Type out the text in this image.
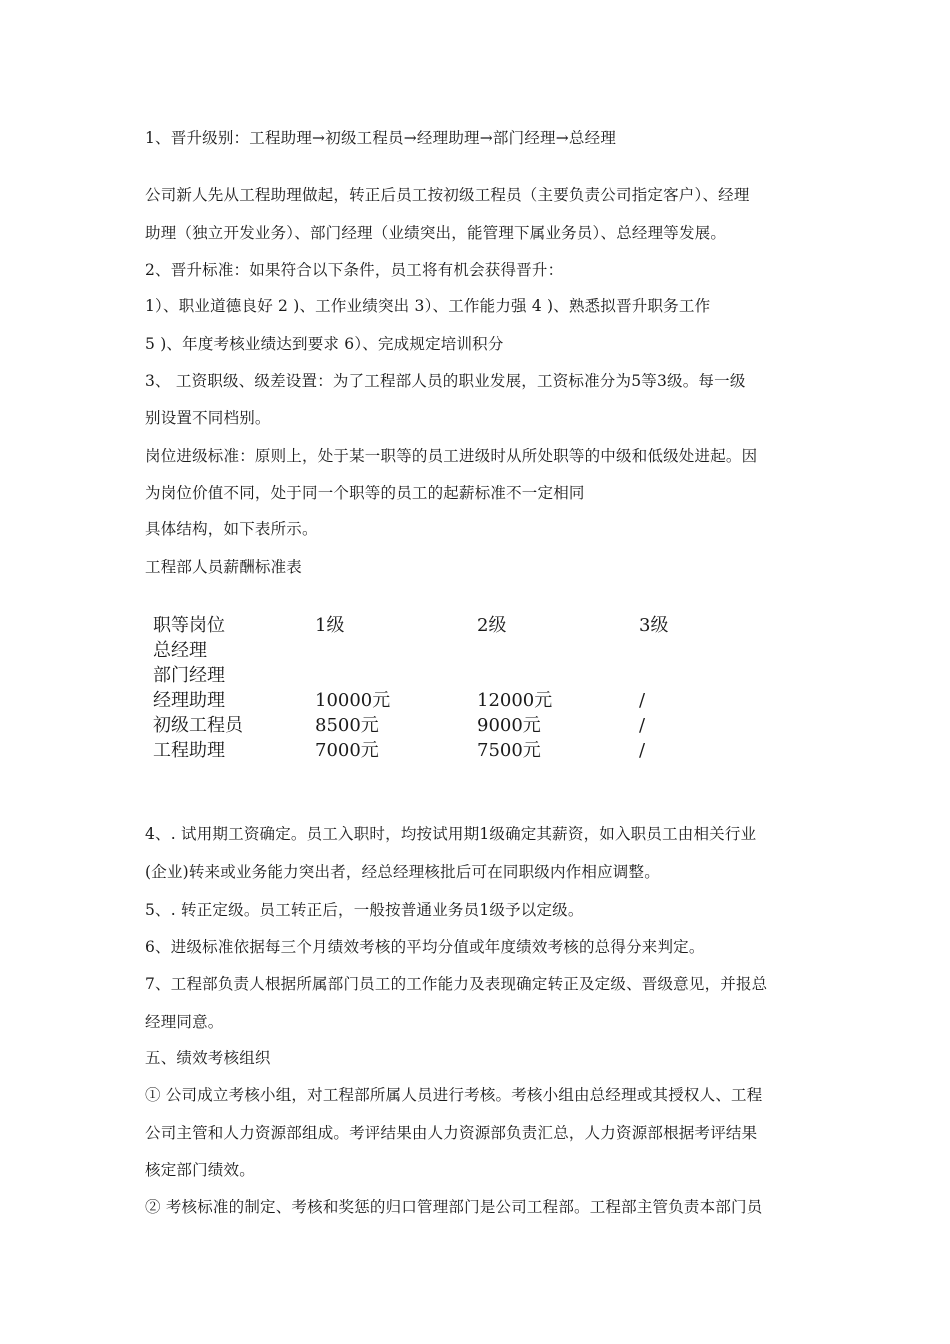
1、晋升级别：工程助理→初级工程员→经理助理→部门经理→总经理

公司新人先从工程助理做起，转正后员工按初级工程员（主要负责公司指定客户）、经理

助理（独立开发业务）、部门经理（业绩突出，能管理下属业务员）、总经理等发展。

2、晋升标准：如果符合以下条件，员工将有机会获得晋升：

1）、职业道德良好 2 )、工作业绩突出 3）、工作能力强 4 )、熟悉拟晋升职务工作

5 )、年度考核业绩达到要求 6）、完成规定培训积分

3、 工资职级、级差设置：为了工程部人员的职业发展，工资标准分为5等3级。每一级

别设置不同档别。

岗位进级标准：原则上，处于某一职等的员工进级时从所处职等的中级和低级处进起。因

为岗位价值不同，处于同一个职等的员工的起薪标准不一定相同

具体结构，如下表所示。

工程部人员薪酬标准表

职等岗位	1级	2级	3级
总经理
部门经理
经理助理	10000元	12000元	/
初级工程员	8500元	9000元	/
工程助理	7000元	7500元	/

4、. 试用期工资确定。员工入职时，均按试用期1级确定其薪资，如入职员工由相关行业

(企业)转来或业务能力突出者，经总经理核批后可在同职级内作相应调整。

5、. 转正定级。员工转正后，一般按普通业务员1级予以定级。

6、进级标准依据每三个月绩效考核的平均分值或年度绩效考核的总得分来判定。

7、工程部负责人根据所属部门员工的工作能力及表现确定转正及定级、晋级意见，并报总

经理同意。

五、绩效考核组织

① 公司成立考核小组，对工程部所属人员进行考核。考核小组由总经理或其授权人、工程

公司主管和人力资源部组成。考评结果由人力资源部负责汇总，人力资源部根据考评结果

核定部门绩效。

② 考核标准的制定、考核和奖惩的归口管理部门是公司工程部。工程部主管负责本部门员
